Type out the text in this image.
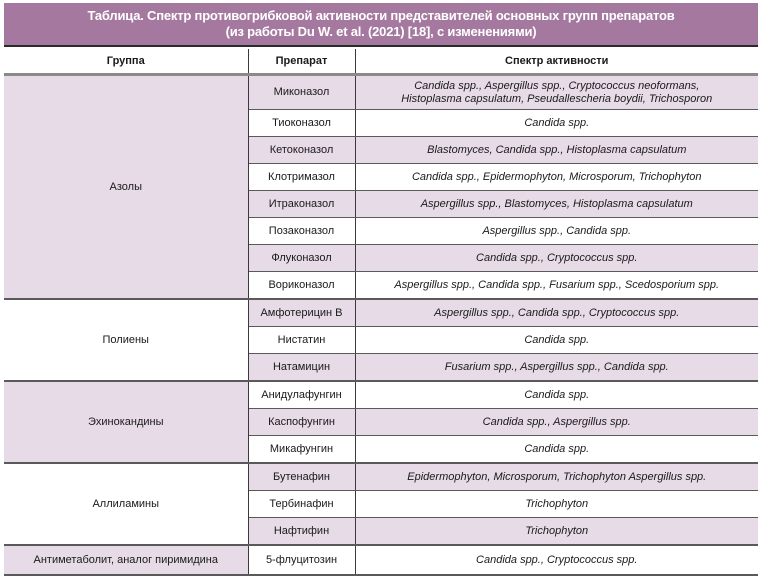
Таблица. Спектр противогрибковой активности представителей основных групп препаратов
(из работы Du W. et al. (2021) [18], с изменениями)
Группа	Препарат	Спектр активности
Азолы	Миконазол	Candida spp., Aspergillus spp., Cryptococcus neoformans,
Histoplasma capsulatum, Pseudallescheria boydii, Trichosporon

	Тиоконазол	Candida spp.
	Кетоконазол	Blastomyces, Candida spp., Histoplasma capsulatum
	Клотримазол	Candida spp., Epidermophyton, Microsporum, Trichophyton
	Итраконазол	Aspergillus spp., Blastomyces, Histoplasma capsulatum
	Позаконазол	Aspergillus spp., Candida spp.
	Флуконазол	Candida spp., Cryptococcus spp.
	Вориконазол	Aspergillus spp., Candida spp., Fusarium spp., Scedosporium spp.
Полиены	Амфотерицин В	Aspergillus spp., Candida spp., Cryptococcus spp.
	Нистатин	Candida spp.
	Натамицин	Fusarium spp., Aspergillus spp., Candida spp.
Эхинокандины	Анидулафунгин	Candida spp.
	Каспофунгин	Candida spp., Aspergillus spp.
	Микафунгин	Candida spp.
Аллиламины	Бутенафин	Epidermophyton, Microsporum, Trichophyton Aspergillus spp.
	Тербинафин	Trichophyton
	Нафтифин	Trichophyton
Антиметаболит, аналог пиримидина	5-флуцитозин	Candida spp., Cryptococcus spp.
